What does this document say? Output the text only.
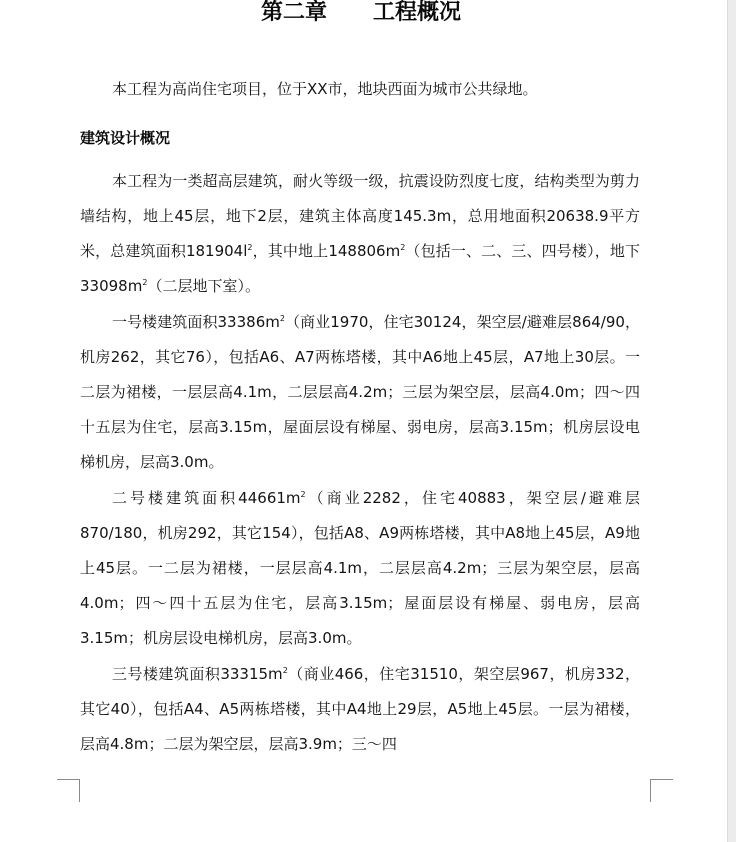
第二章      工程概况

本工程为高尚住宅项目，位于XX市，地块西面为城市公共绿地。

建筑设计概况

本工程为一类超高层建筑，耐火等级一级，抗震设防烈度七度，结构类型为剪力墙结构，地上45层，地下2层，建筑主体高度145.3m，总用地面积20638.9平方米，总建筑面积$181904l^2$，其中地上$148806m^2$（包括一、二、三、四号楼），地下$33098m^2$（二层地下室）。

一号楼建筑面积$33386m^2$（商业1970，住宅30124，架空层/避难层864/90，机房262，其它76），包括A6、A7两栋塔楼，其中A6地上45层，A7地上30层。一二层为裙楼，一层层高4.1m，二层层高4.2m；三层为架空层，层高4.0m；四～四十五层为住宅，层高3.15m，屋面层设有梯屋、弱电房，层高3.15m；机房层设电梯机房，层高3.0m。

二号楼建筑面积$44661m^2$（商业2282，住宅40883，架空层/避难层870/180，机房292，其它154），包括A8、A9两栋塔楼，其中A8地上45层，A9地上45层。一二层为裙楼，一层层高4.1m，二层层高4.2m；三层为架空层，层高4.0m；四～四十五层为住宅，层高3.15m；屋面层设有梯屋、弱电房，层高3.15m；机房层设电梯机房，层高3.0m。

三号楼建筑面积$33315m^2$（商业466，住宅31510，架空层967，机房332，其它40），包括A4、A5两栋塔楼，其中A4地上29层，A5地上45层。一层为裙楼，层高4.8m；二层为架空层，层高3.9m；三～四
